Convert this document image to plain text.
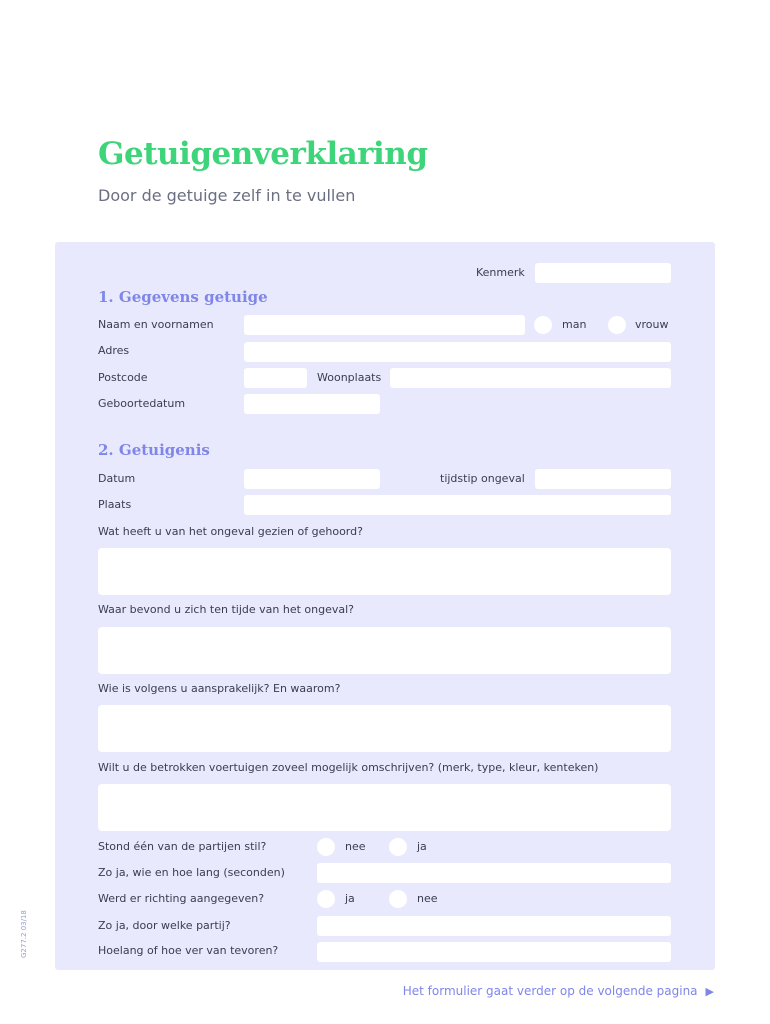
Getuigenverklaring
Door de getuige zelf in te vullen
Kenmerk
1. Gegevens getuige
Naam en voornamen	man	vrouw
Adres
Postcode	Woonplaats
Geboortedatum
2. Getuigenis
Datum	tijdstip ongeval
Plaats
Wat heeft u van het ongeval gezien of gehoord?
Waar bevond u zich ten tijde van het ongeval?
Wie is volgens u aansprakelijk? En waarom?
Wilt u de betrokken voertuigen zoveel mogelijk omschrijven? (merk, type, kleur, kenteken)
Stond één van de partijen stil?	nee	ja
Zo ja, wie en hoe lang (seconden)
Werd er richting aangegeven?	ja	nee
Zo ja, door welke partij?
Hoelang of hoe ver van tevoren?
G277.2 03/18
Het formulier gaat verder op de volgende pagina ▶
